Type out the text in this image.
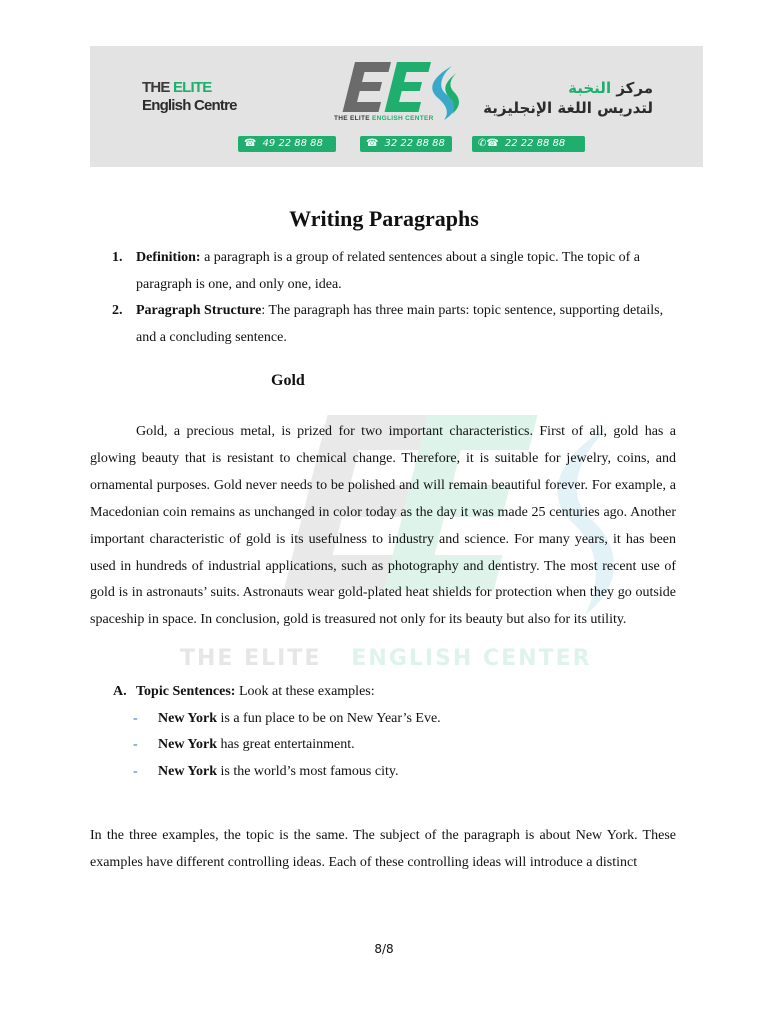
THE ELITE
English Centre
THE ELITE ENGLISH CENTER
مركز النخبة
لتدريس اللغة الإنجليزية
☎ 49 22 88 88	☎ 32 22 88 88	✆☎ 22 22 88 88
THE ELITE ENGLISH CENTER
Writing Paragraphs
1. Definition: a paragraph is a group of related sentences about a single topic. The topic of a paragraph is one, and only one, idea.
2. Paragraph Structure: The paragraph has three main parts: topic sentence, supporting details, and a concluding sentence.
Gold

Gold, a precious metal, is prized for two important characteristics. First of all, gold has a glowing beauty that is resistant to chemical change. Therefore, it is suitable for jewelry, coins, and ornamental purposes. Gold never needs to be polished and will remain beautiful forever. For example, a Macedonian coin remains as unchanged in color today as the day it was made 25 centuries ago. Another important characteristic of gold is its usefulness to industry and science. For many years, it has been used in hundreds of industrial applications, such as photography and dentistry. The most recent use of gold is in astronauts’ suits. Astronauts wear gold-plated heat shields for protection when they go outside spaceship in space. In conclusion, gold is treasured not only for its beauty but also for its utility.

A. Topic Sentences: Look at these examples:
- New York is a fun place to be on New Year’s Eve.
- New York has great entertainment.
- New York is the world’s most famous city.

In the three examples, the topic is the same. The subject of the paragraph is about New York. These examples have different controlling ideas. Each of these controlling ideas will introduce a distinct

8/8
